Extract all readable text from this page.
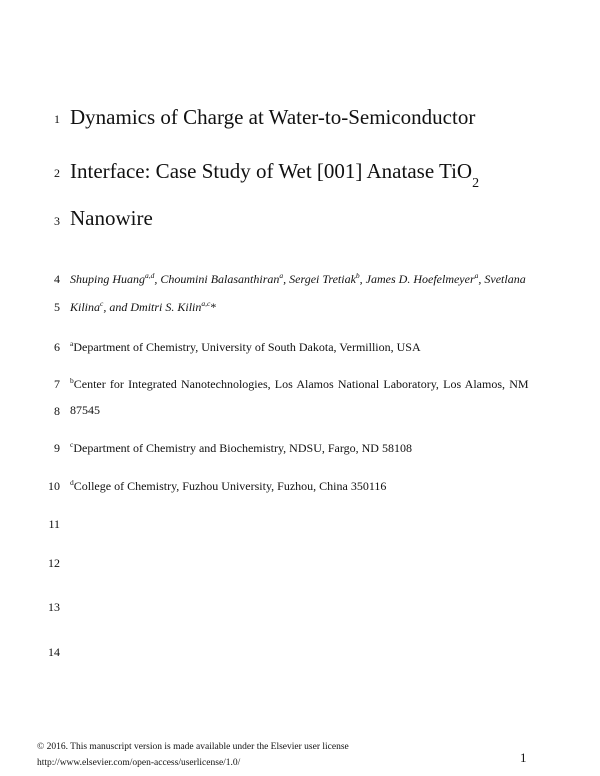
1
2
3
4
5
6
7
8
9
10
11
12
13
14
Dynamics of Charge at Water-to-Semiconductor
Interface: Case Study of Wet [001] Anatase TiO$_2$
Nanowire
Shuping Huang$^{a,d}$, Choumini Balasanthiran$^a$, Sergei Tretiak$^b$, James D. Hoefelmeyer$^a$, Svetlana
Kilina$^c$, and Dmitri S. Kilin$^{a,c}$*
$^a$Department of Chemistry, University of South Dakota, Vermillion, USA
$^b$Center for Integrated Nanotechnologies, Los Alamos National Laboratory, Los Alamos, NM
87545
$^c$Department of Chemistry and Biochemistry, NDSU, Fargo, ND 58108
$^d$College of Chemistry, Fuzhou University, Fuzhou, China 350116
© 2016. This manuscript version is made available under the Elsevier user license
http://www.elsevier.com/open-access/userlicense/1.0/	1
